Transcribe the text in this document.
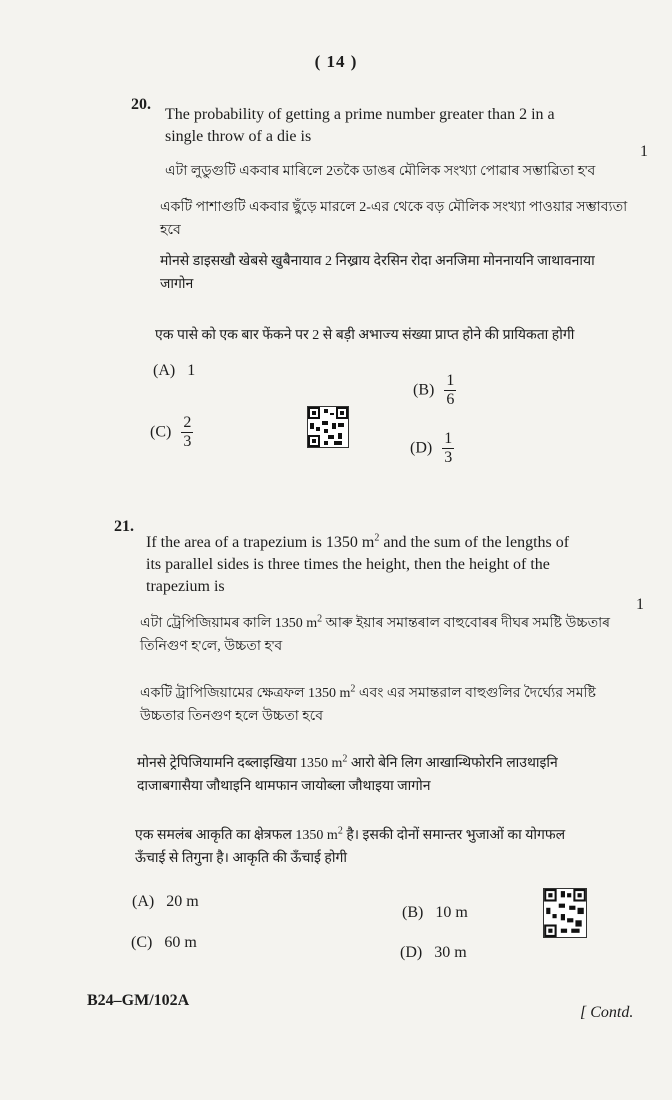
( 14 )
20.
The probability of getting a prime number greater than 2 in a
single throw of a die is
1
এটা লুডুগুটি একবাৰ মাৰিলে 2তকৈ ডাঙৰ মৌলিক সংখ্যা পোৱাৰ সম্ভাৱিতা হ'ব
একটি পাশাগুটি একবার ছুঁড়ে মারলে 2-এর থেকে বড় মৌলিক সংখ্যা পাওয়ার সম্ভাব্যতা
হবে
मोनसे डाइसखौ खेबसे खुबैनायाव 2 निख्राय देरसिन रोदा अनजिमा मोननायनि जाथावनाया
जागोन
एक पासे को एक बार फेंकने पर 2 से बड़ी अभाज्य संख्या प्राप्त होने की प्रायिकता होगी
(A) 1
$(B) \frac{1}{6}$
$(C) \frac{2}{3}$	$(D) \frac{1}{3}$
21.
If the area of a trapezium is 1350 $m^2$ and the sum of the lengths of
its parallel sides is three times the height, then the height of the
trapezium is
1
এটা ট্ৰেপিজিয়ামৰ কালি 1350 $m^2$ আৰু ইয়াৰ সমান্তৰাল বাহুবোৰৰ দীঘৰ সমষ্টি উচ্চতাৰ
তিনিগুণ হ'লে, উচ্চতা হ'ব
একটি ট্রাপিজিয়ামের ক্ষেত্রফল 1350 $m^2$ এবং এর সমান্তরাল বাহুগুলির দৈর্ঘ্যের সমষ্টি
উচ্চতার তিনগুণ হলে উচ্চতা হবে
मोनसे ट्रेपिजियामनि दब्लाइखिया 1350 $m^2$ आरो बेनि लिग आखान्थिफोरनि लाउथाइनि
दाजाबगासैया जौथाइनि थामफान जायोब्ला जौथाइया जागोन
एक समलंब आकृति का क्षेत्रफल 1350 $m^2$ है। इसकी दोनों समान्तर भुजाओं का योगफल
ऊँचाई से तिगुना है। आकृति की ऊँचाई होगी
(A) 20 m
(B) 10 m
(C) 60 m
(D) 30 m
B24–GM/102A
[ Contd.
